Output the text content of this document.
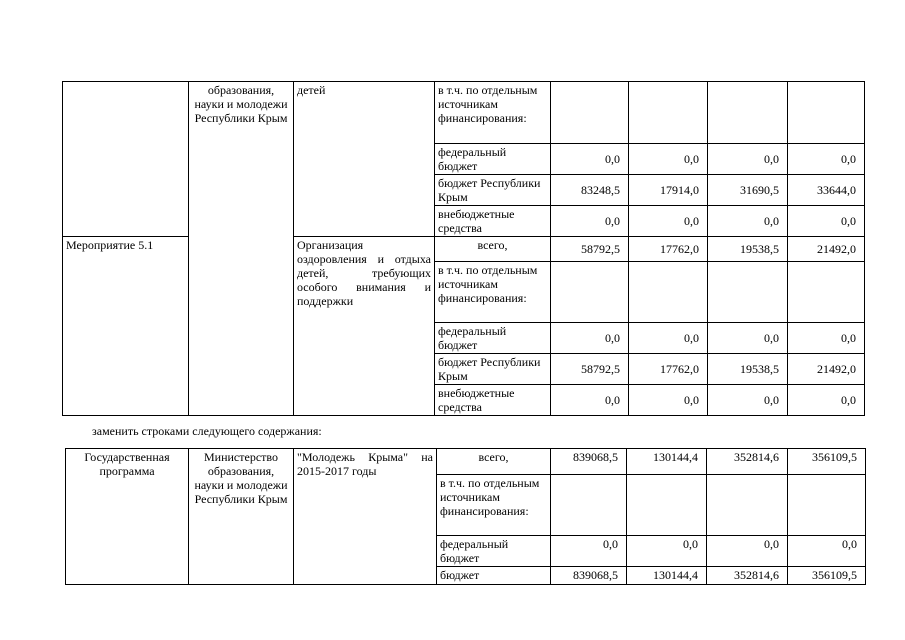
	образования, науки и молодежи Республики Крым	детей	в т.ч. по отдельным источникам финансирования:				
			федеральный бюджет	0,0	0,0	0,0	0,0
			бюджет Республики Крым	83248,5	17914,0	31690,5	33644,0
			внебюджетные средства	0,0	0,0	0,0	0,0
Мероприятие 5.1		Организация оздоровления и отдыха детей, требующих особого внимания и поддержки	всего,	58792,5	17762,0	19538,5	21492,0
			в т.ч. по отдельным источникам финансирования:				
			федеральный бюджет	0,0	0,0	0,0	0,0
			бюджет Республики Крым	58792,5	17762,0	19538,5	21492,0
			внебюджетные средства	0,0	0,0	0,0	0,0
заменить строками следующего содержания:
Государственная программа	Министерство образования, науки и молодежи Республики Крым	"Молодежь Крыма" на 2015-2017 годы	всего,	839068,5	130144,4	352814,6	356109,5
			в т.ч. по отдельным источникам финансирования:				
			федеральный бюджет	0,0	0,0	0,0	0,0
			бюджет	839068,5	130144,4	352814,6	356109,5
